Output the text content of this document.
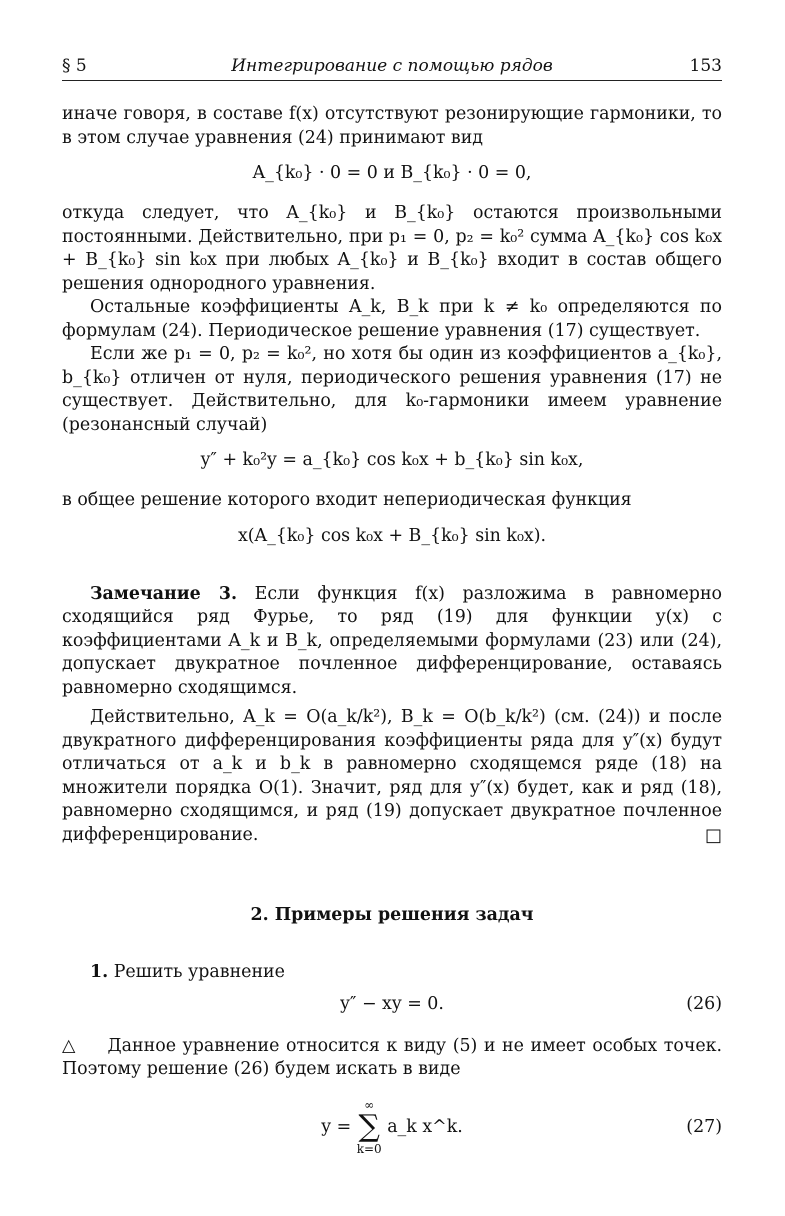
§ 5	Интегрирование с помощью рядов	153

иначе говоря, в составе f(x) отсутствуют резонирующие гармоники, то в этом случае уравнения (24) принимают вид

A_{k₀} · 0 = 0 и B_{k₀} · 0 = 0,

откуда следует, что A_{k₀} и B_{k₀} остаются произвольными постоянными. Действительно, при p₁ = 0, p₂ = k₀² сумма A_{k₀} cos k₀x + B_{k₀} sin k₀x при любых A_{k₀} и B_{k₀} входит в состав общего решения однородного уравнения.

Остальные коэффициенты A_k, B_k при k ≠ k₀ определяются по формулам (24). Периодическое решение уравнения (17) существует.

Если же p₁ = 0, p₂ = k₀², но хотя бы один из коэффициентов a_{k₀}, b_{k₀} отличен от нуля, периодического решения уравнения (17) не существует. Действительно, для k₀-гармоники имеем уравнение (резонансный случай)

y″ + k₀²y = a_{k₀} cos k₀x + b_{k₀} sin k₀x,

в общее решение которого входит непериодическая функция

x(A_{k₀} cos k₀x + B_{k₀} sin k₀x).

Замечание 3. Если функция f(x) разложима в равномерно сходящийся ряд Фурье, то ряд (19) для функции y(x) с коэффициентами A_k и B_k, определяемыми формулами (23) или (24), допускает двукратное почленное дифференцирование, оставаясь равномерно сходящимся.

Действительно, A_k = O(a_k/k²), B_k = O(b_k/k²) (см. (24)) и после двукратного дифференцирования коэффициенты ряда для y″(x) будут отличаться от a_k и b_k в равномерно сходящемся ряде (18) на множители порядка O(1). Значит, ряд для y″(x) будет, как и ряд (18), равномерно сходящимся, и ряд (19) допускает двукратное почленное дифференцирование.	□

2. Примеры решения задач

1. Решить уравнение

y″ − xy = 0.	(26)

△ Данное уравнение относится к виду (5) и не имеет особых точек. Поэтому решение (26) будем искать в виде

y =
∞
∑
k=0
a_k x^k.	(27)
